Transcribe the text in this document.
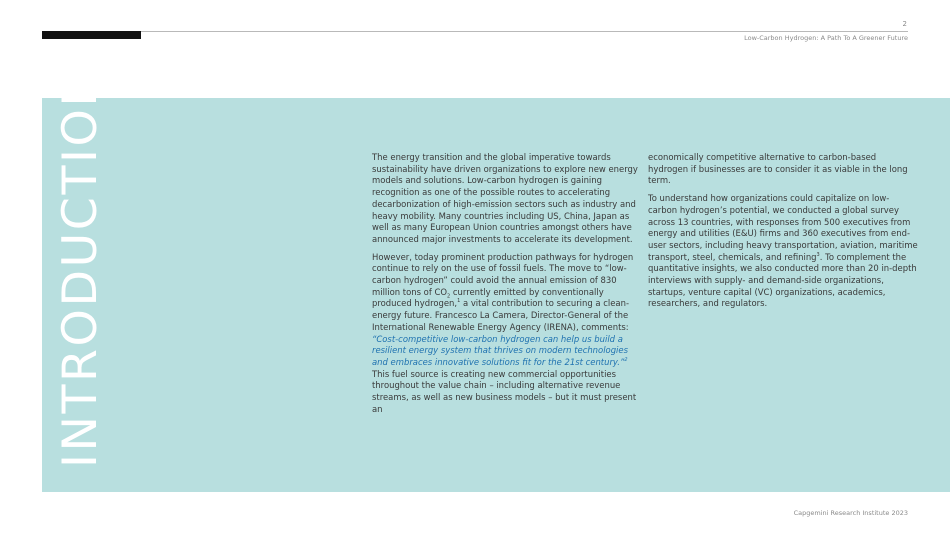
2
Low-Carbon Hydrogen: A Path To A Greener Future
INTRODUCTION	The energy transition and the global imperative towards sustainability have driven organizations to explore new energy models and solutions. Low-carbon hydrogen is gaining recognition as one of the possible routes to accelerating decarbonization of high-emission sectors such as industry and heavy mobility. Many countries including US, China, Japan as well as many European Union countries amongst others have announced major investments to accelerate its development.

However, today prominent production pathways for hydrogen continue to rely on the use of fossil fuels. The move to “low-carbon hydrogen” could avoid the annual emission of 830 million tons of $CO_2$ currently emitted by conventionally produced hydrogen,$^1$ a vital contribution to securing a clean-energy future. Francesco La Camera, Director-General of the International Renewable Energy Agency (IRENA), comments: “Cost-competitive low-carbon hydrogen can help us build a resilient energy system that thrives on modern technologies and embraces innovative solutions fit for the 21st century.”$^2$ This fuel source is creating new commercial opportunities throughout the value chain – including alternative revenue streams, as well as new business models – but it must present an

economically competitive alternative to carbon-based hydrogen if businesses are to consider it as viable in the long term.

To understand how organizations could capitalize on low-carbon hydrogen’s potential, we conducted a global survey across 13 countries, with responses from 500 executives from energy and utilities (E&U) firms and 360 executives from end-user sectors, including heavy transportation, aviation, maritime transport, steel, chemicals, and refining$^3$. To complement the quantitative insights, we also conducted more than 20 in-depth interviews with supply- and demand-side organizations, startups, venture capital (VC) organizations, academics, researchers, and regulators.

Capgemini Research Institute 2023
